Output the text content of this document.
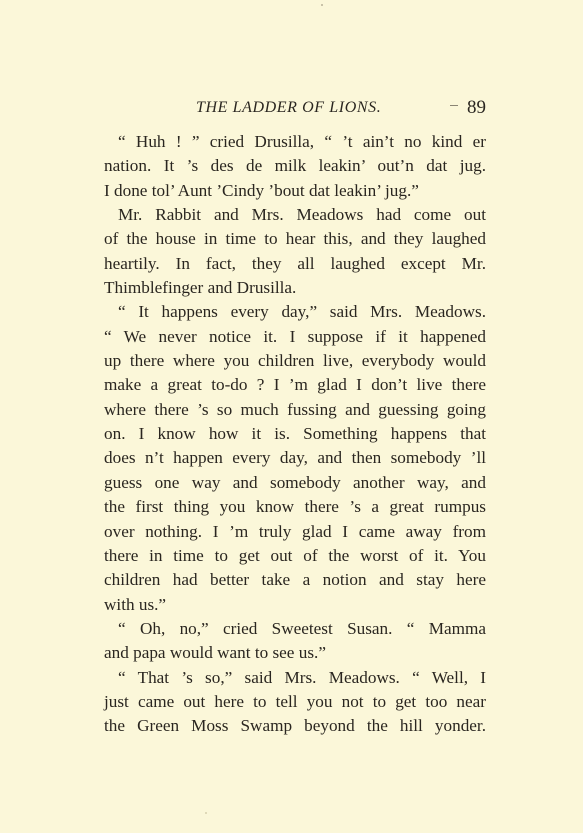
THE LADDER OF LIONS.	89
“ Huh ! ” cried Drusilla, “ ’t ain’t no kind er
nation. It ’s des de milk leakin’ out’n dat jug.
I done tol’ Aunt ’Cindy ’bout dat leakin’ jug.”
Mr. Rabbit and Mrs. Meadows had come out
of the house in time to hear this, and they laughed
heartily. In fact, they all laughed except Mr.
Thimblefinger and Drusilla.
“ It happens every day,” said Mrs. Meadows.
“ We never notice it. I suppose if it happened
up there where you children live, everybody would
make a great to-do ? I ’m glad I don’t live there
where there ’s so much fussing and guessing going
on. I know how it is. Something happens that
does n’t happen every day, and then somebody ’ll
guess one way and somebody another way, and
the first thing you know there ’s a great rumpus
over nothing. I ’m truly glad I came away from
there in time to get out of the worst of it. You
children had better take a notion and stay here
with us.”
“ Oh, no,” cried Sweetest Susan. “ Mamma
and papa would want to see us.”
“ That ’s so,” said Mrs. Meadows. “ Well, I
just came out here to tell you not to get too near
the Green Moss Swamp beyond the hill yonder.
